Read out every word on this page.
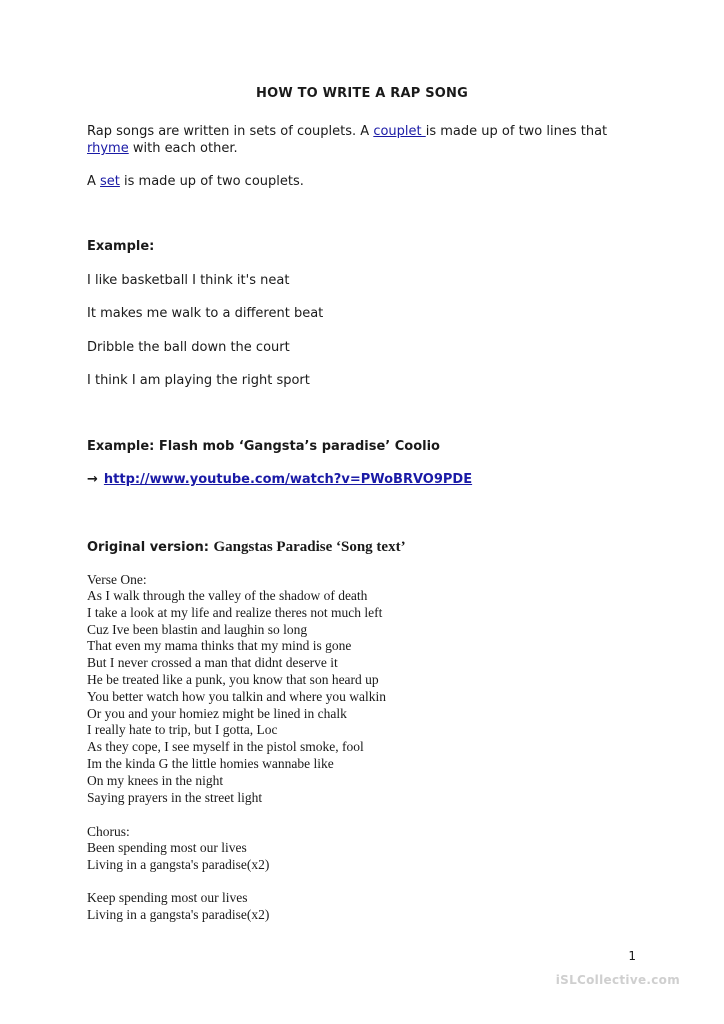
HOW TO WRITE A RAP SONG
Rap songs are written in sets of couplets. A couplet is made up of two lines that
rhyme with each other.
A set is made up of two couplets.
Example:
I like basketball I think it's neat
It makes me walk to a different beat
Dribble the ball down the court
I think I am playing the right sport
Example: Flash mob ‘Gangsta’s paradise’ Coolio
→ http://www.youtube.com/watch?v=PWoBRVO9PDE
Original version: Gangstas Paradise ‘Song text’
Verse One:
As I walk through the valley of the shadow of death
I take a look at my life and realize theres not much left
Cuz Ive been blastin and laughin so long
That even my mama thinks that my mind is gone
But I never crossed a man that didnt deserve it
He be treated like a punk, you know that son heard up
You better watch how you talkin and where you walkin
Or you and your homiez might be lined in chalk
I really hate to trip, but I gotta, Loc
As they cope, I see myself in the pistol smoke, fool
Im the kinda G the little homies wannabe like
On my knees in the night
Saying prayers in the street light
Chorus:
Been spending most our lives
Living in a gangsta's paradise(x2)
Keep spending most our lives
Living in a gangsta's paradise(x2)
1
iSLCollective.com
